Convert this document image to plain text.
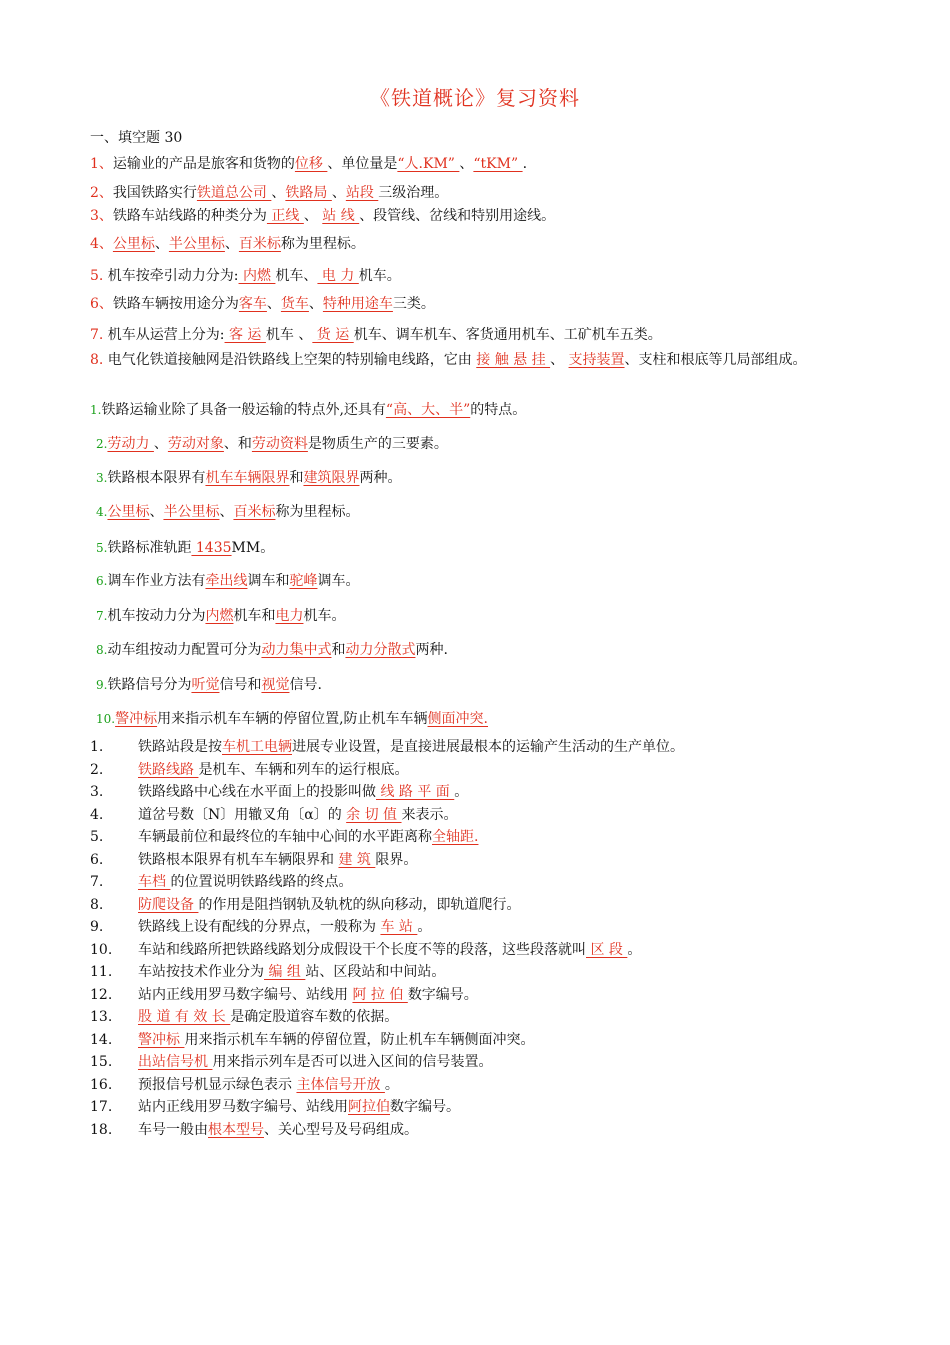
《铁道概论》复习资料
一、填空题 30
1、运输业的产品是旅客和货物的位移 、单位量是“人.KM” 、“tKM” .
2、我国铁路实行铁道总公司 、铁路局 、站段 三级治理。
3、铁路车站线路的种类分为 正线 、 站 线 、段管线、岔线和特别用途线。
4、公里标、半公里标、百米标称为里程标。
5. 机车按牵引动力分为: 内燃 机车、 电 力 机车。
6、铁路车辆按用途分为客车、货车、特种用途车三类。
7. 机车从运营上分为: 客 运 机车 、 货 运 机车、调车机车、客货通用机车、工矿机车五类。
8. 电气化铁道接触网是沿铁路线上空架的特别输电线路，它由 接 触 悬 挂 、 支持装置、支柱和根底等几局部组成。
1.铁路运输业除了具备一般运输的特点外,还具有“高、大、半”的特点。
2.劳动力 、劳动对象、和劳动资料是物质生产的三要素。
3.铁路根本限界有机车车辆限界和建筑限界两种。
4.公里标、半公里标、百米标称为里程标。
5.铁路标准轨距 1435MM。
6.调车作业方法有牵出线调车和驼峰调车。
7.机车按动力分为内燃机车和电力机车。
8.动车组按动力配置可分为动力集中式和动力分散式两种.
9.铁路信号分为听觉信号和视觉信号.
10.警冲标用来指示机车车辆的停留位置,防止机车车辆侧面冲突.
1.	铁路站段是按车机工电辆进展专业设置，是直接进展最根本的运输产生活动的生产单位。
2.	铁路线路 是机车、车辆和列车的运行根底。
3.	铁路线路中心线在水平面上的投影叫做 线 路 平 面 。
4.	道岔号数〔N〕用辙叉角〔α〕的 余 切 值 来表示。
5.	车辆最前位和最终位的车轴中心间的水平距离称全轴距.
6.	铁路根本限界有机车车辆限界和 建 筑 限界。
7.	车档 的位置说明铁路线路的终点。
8.	防爬设备 的作用是阻挡钢轨及轨枕的纵向移动，即轨道爬行。
9.	铁路线上设有配线的分界点，一般称为 车 站 。
10.	车站和线路所把铁路线路划分成假设干个长度不等的段落，这些段落就叫 区 段 。
11.	车站按技术作业分为 编 组 站、区段站和中间站。
12.	站内正线用罗马数字编号、站线用 阿 拉 伯 数字编号。
13.	股 道 有 效 长 是确定股道容车数的依据。
14.	警冲标 用来指示机车车辆的停留位置，防止机车车辆侧面冲突。
15.	出站信号机 用来指示列车是否可以进入区间的信号装置。
16.	预报信号机显示绿色表示 主体信号开放 。
17.	站内正线用罗马数字编号、站线用阿拉伯数字编号。
18.	车号一般由根本型号、关心型号及号码组成。
